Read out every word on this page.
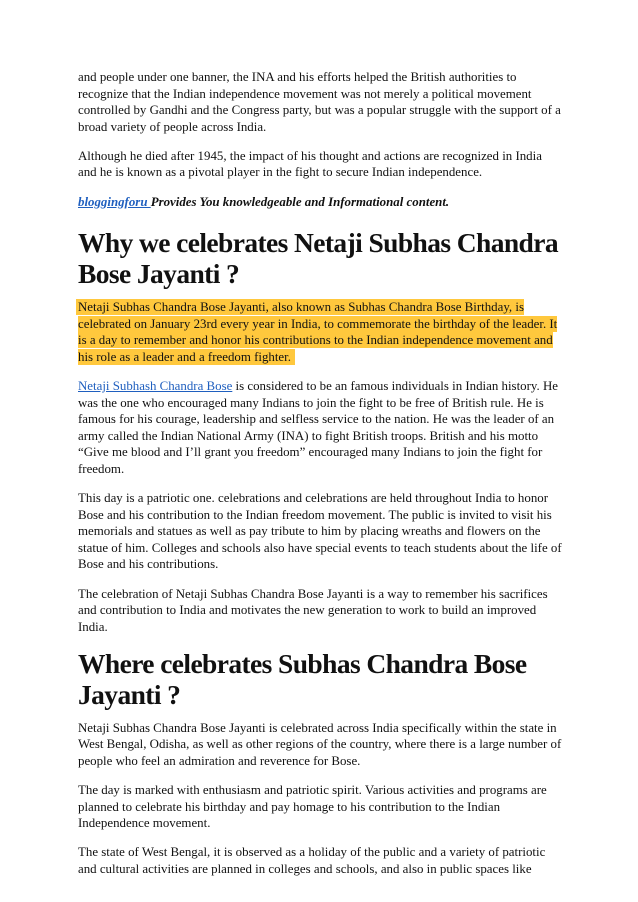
and people under one banner, the INA and his efforts helped the British authorities to recognize that the Indian independence movement was not merely a political movement controlled by Gandhi and the Congress party, but was a popular struggle with the support of a broad variety of people across India.

Although he died after 1945, the impact of his thought and actions are recognized in India and he is known as a pivotal player in the fight to secure Indian independence.

bloggingforu Provides You knowledgeable and Informational content.

Why we celebrates Netaji Subhas Chandra Bose Jayanti ?

Netaji Subhas Chandra Bose Jayanti, also known as Subhas Chandra Bose Birthday, is celebrated on January 23rd every year in India, to commemorate the birthday of the leader. It is a day to remember and honor his contributions to the Indian independence movement and his role as a leader and a freedom fighter.

Netaji Subhash Chandra Bose is considered to be an famous individuals in Indian history. He was the one who encouraged many Indians to join the fight to be free of British rule. He is famous for his courage, leadership and selfless service to the nation. He was the leader of an army called the Indian National Army (INA) to fight British troops. British and his motto “Give me blood and I’ll grant you freedom” encouraged many Indians to join the fight for freedom.

This day is a patriotic one. celebrations and celebrations are held throughout India to honor Bose and his contribution to the Indian freedom movement. The public is invited to visit his memorials and statues as well as pay tribute to him by placing wreaths and flowers on the statue of him. Colleges and schools also have special events to teach students about the life of Bose and his contributions.

The celebration of Netaji Subhas Chandra Bose Jayanti is a way to remember his sacrifices and contribution to India and motivates the new generation to work to build an improved India.

Where celebrates Subhas Chandra Bose Jayanti ?

Netaji Subhas Chandra Bose Jayanti is celebrated across India specifically within the state in West Bengal, Odisha, as well as other regions of the country, where there is a large number of people who feel an admiration and reverence for Bose.

The day is marked with enthusiasm and patriotic spirit. Various activities and programs are planned to celebrate his birthday and pay homage to his contribution to the Indian Independence movement.

The state of West Bengal, it is observed as a holiday of the public and a variety of patriotic and cultural activities are planned in colleges and schools, and also in public spaces like
